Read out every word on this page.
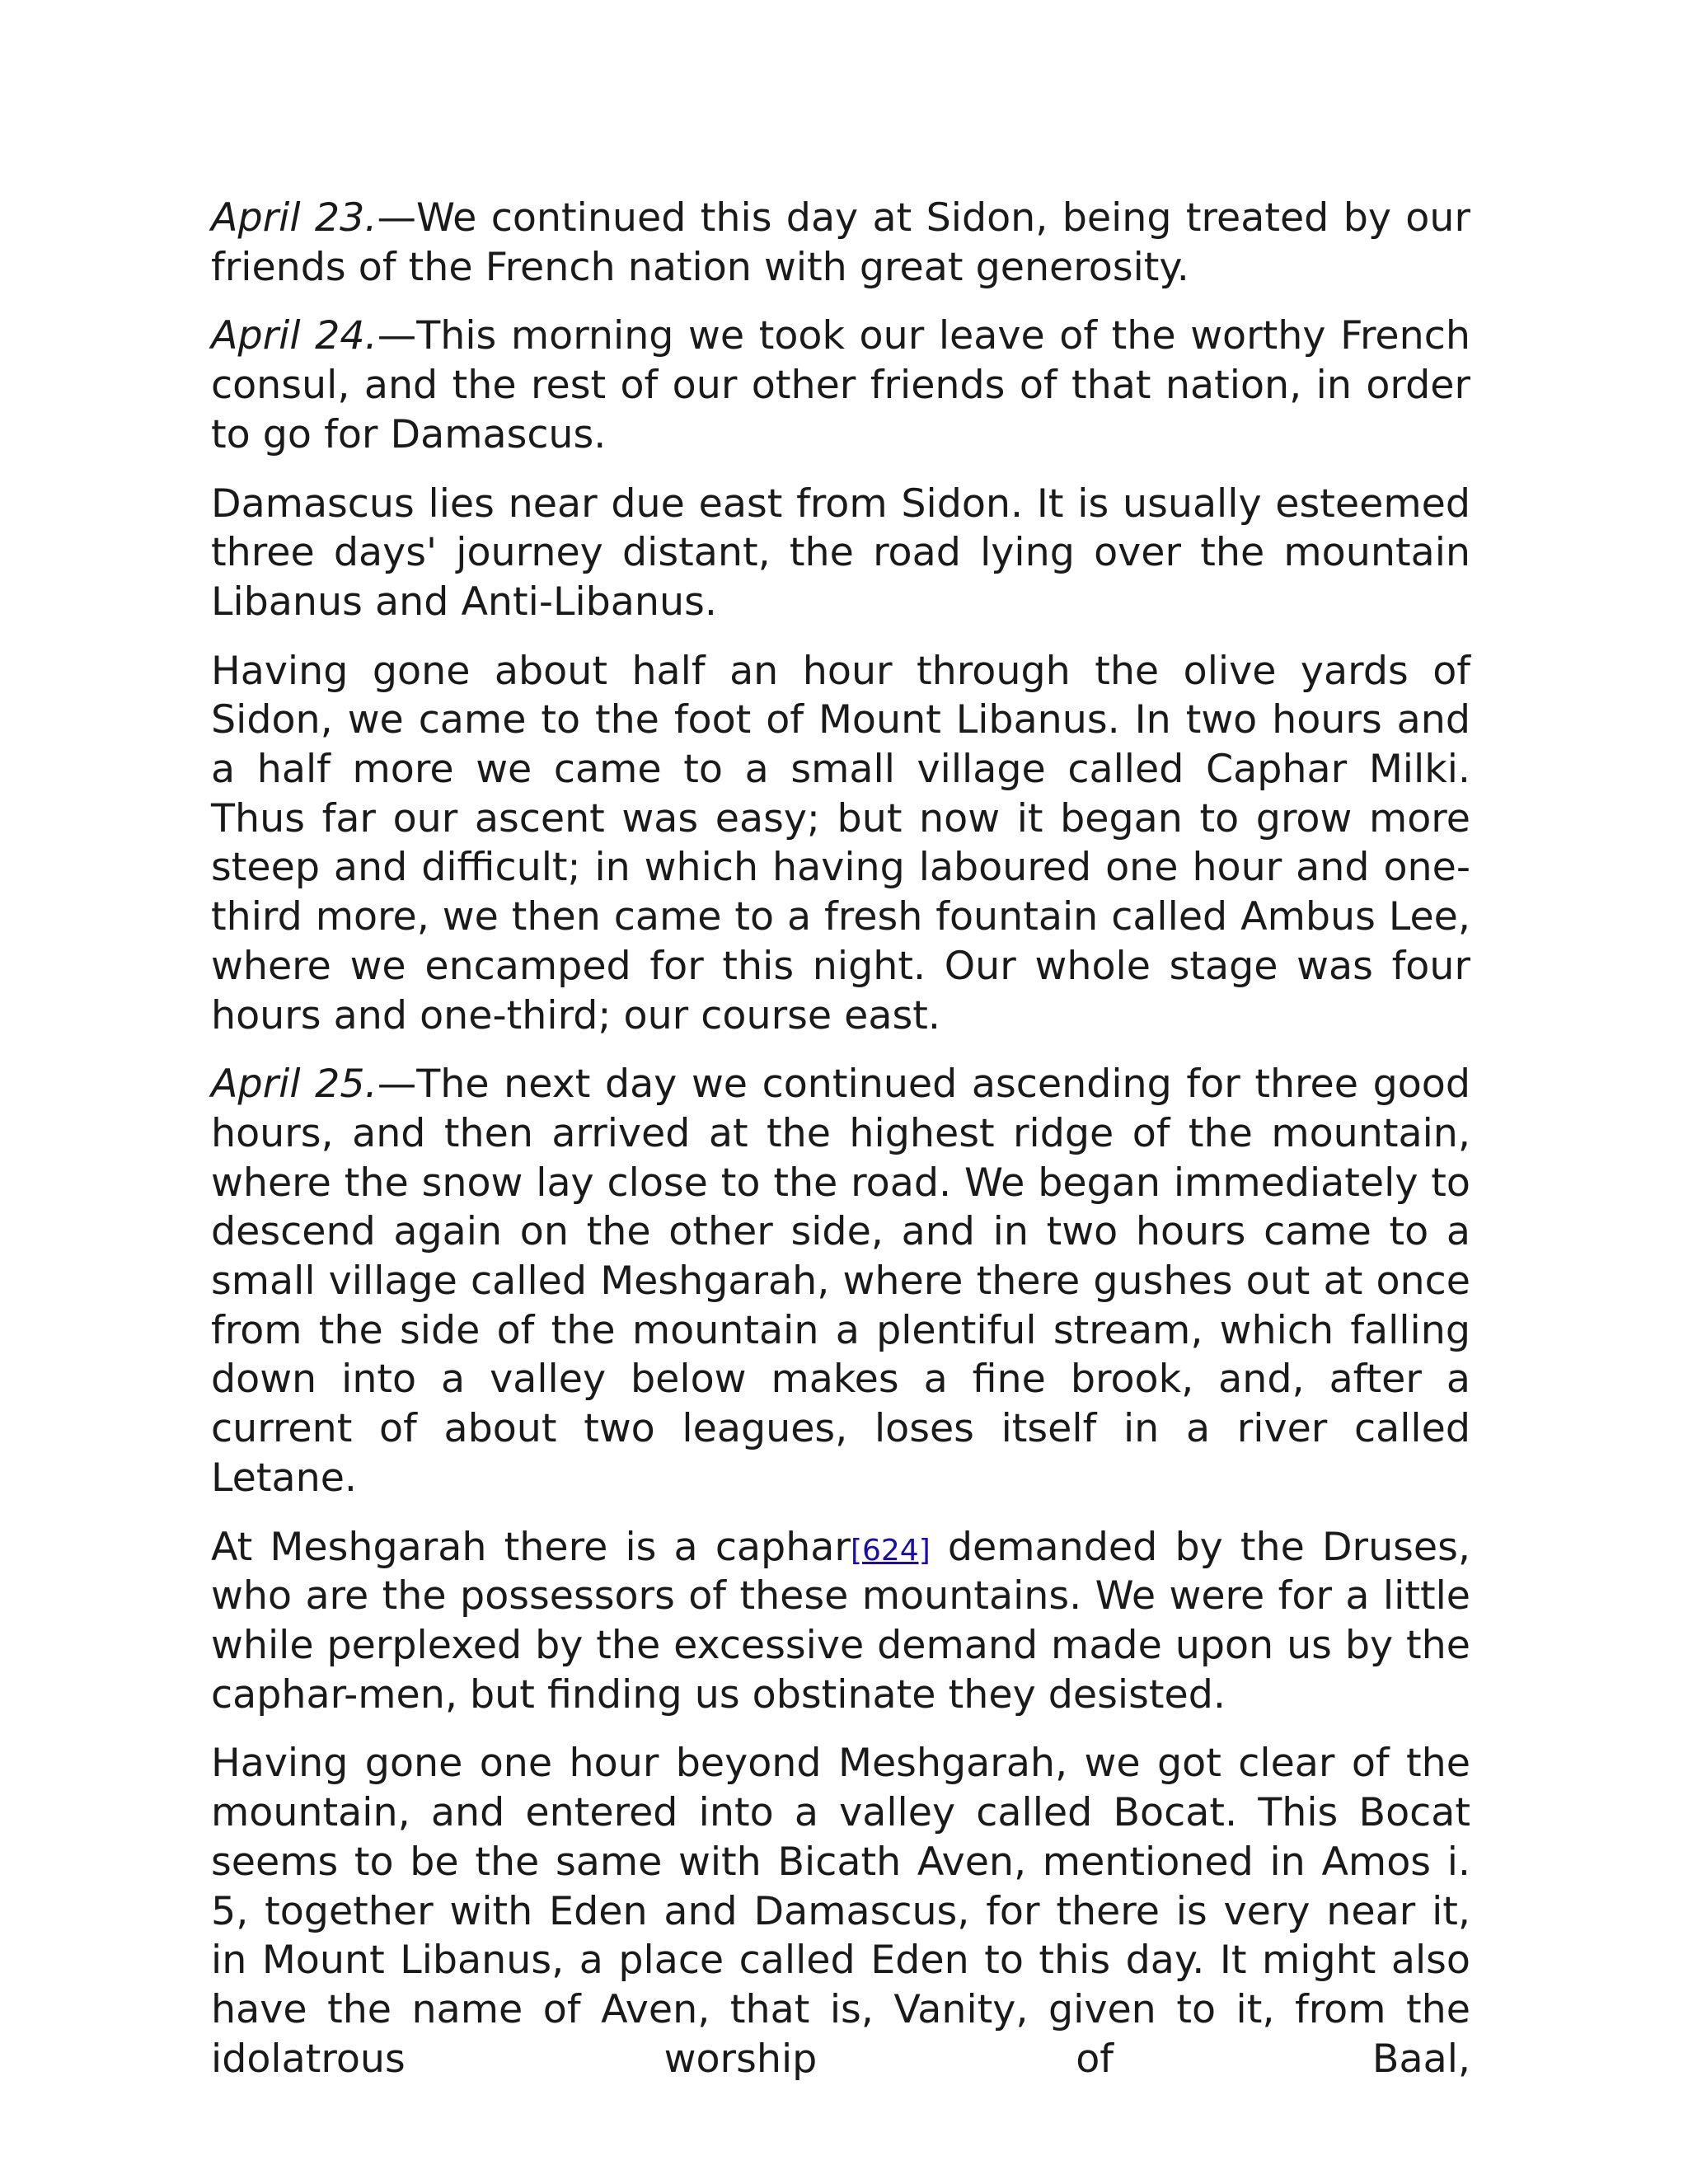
April 23.—We continued this day at Sidon, being treated by our friends of the French nation with great generosity.

April 24.—This morning we took our leave of the worthy French consul, and the rest of our other friends of that nation, in order to go for Damascus.

Damascus lies near due east from Sidon. It is usually esteemed three days' journey distant, the road lying over the mountain Libanus and Anti-Libanus.

Having gone about half an hour through the olive yards of Sidon, we came to the foot of Mount Libanus. In two hours and a half more we came to a small village called Caphar Milki. Thus far our ascent was easy; but now it began to grow more steep and difficult; in which having laboured one hour and one-third more, we then came to a fresh fountain called Ambus Lee, where we encamped for this night. Our whole stage was four hours and one-third; our course east.

April 25.—The next day we continued ascending for three good hours, and then arrived at the highest ridge of the mountain, where the snow lay close to the road. We began immediately to descend again on the other side, and in two hours came to a small village called Meshgarah, where there gushes out at once from the side of the mountain a plentiful stream, which falling down into a valley below makes a fine brook, and, after a current of about two leagues, loses itself in a river called Letane.

At Meshgarah there is a caphar[624] demanded by the Druses, who are the possessors of these mountains. We were for a little while perplexed by the excessive demand made upon us by the caphar-men, but finding us obstinate they desisted.

Having gone one hour beyond Meshgarah, we got clear of the mountain, and entered into a valley called Bocat. This Bocat seems to be the same with Bicath Aven, mentioned in Amos i. 5, together with Eden and Damascus, for there is very near it, in Mount Libanus, a place called Eden to this day. It might also have the name of Aven, that is, Vanity, given to it, from the idolatrous worship of Baal,
